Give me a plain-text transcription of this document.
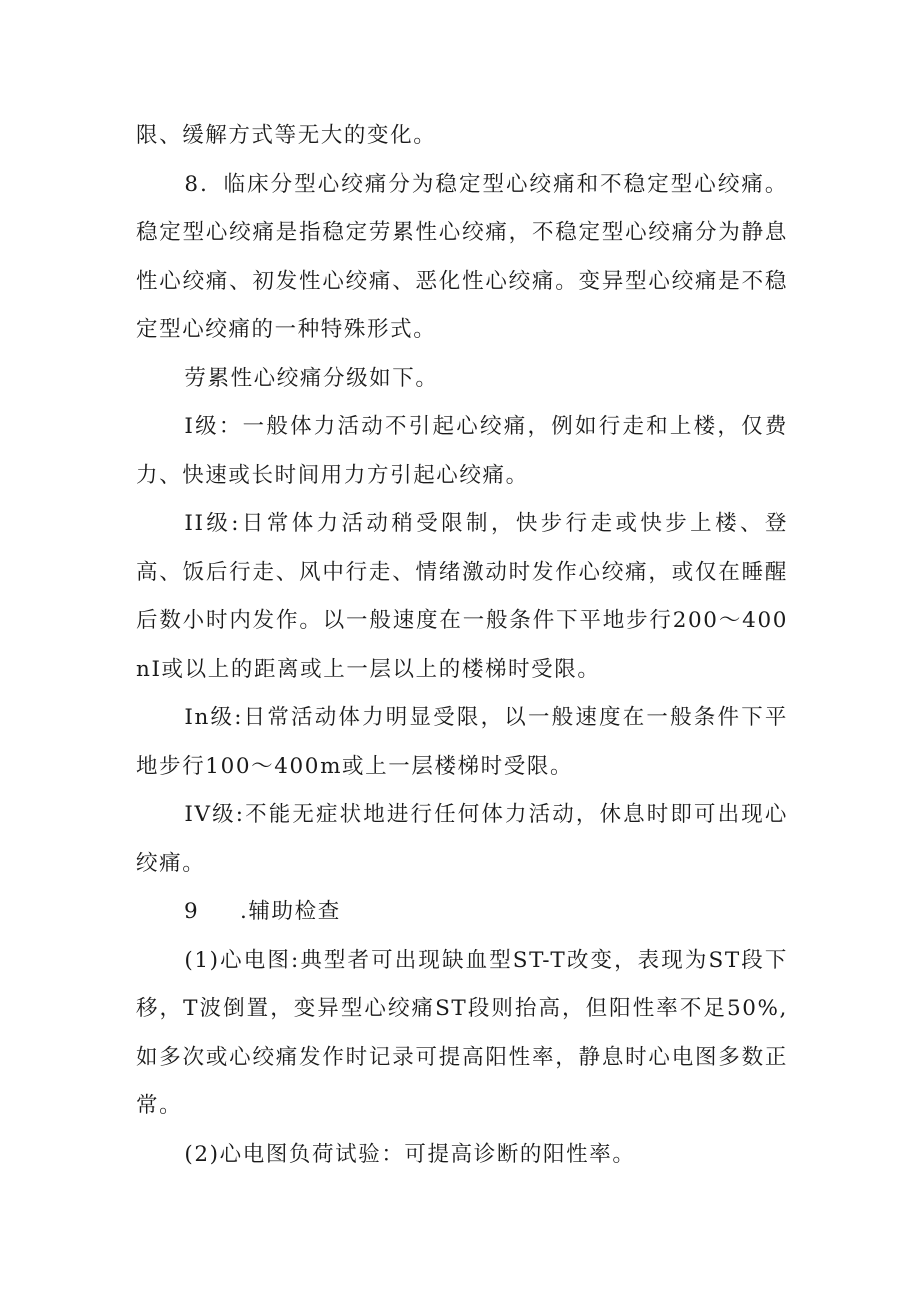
限、缓解方式等无大的变化。

8．临床分型心绞痛分为稳定型心绞痛和不稳定型心绞痛。稳定型心绞痛是指稳定劳累性心绞痛，不稳定型心绞痛分为静息性心绞痛、初发性心绞痛、恶化性心绞痛。变异型心绞痛是不稳定型心绞痛的一种特殊形式。

劳累性心绞痛分级如下。

I级：一般体力活动不引起心绞痛，例如行走和上楼，仅费力、快速或长时间用力方引起心绞痛。

II级:日常体力活动稍受限制，快步行走或快步上楼、登高、饭后行走、风中行走、情绪激动时发作心绞痛，或仅在睡醒后数小时内发作。以一般速度在一般条件下平地步行200～400nI或以上的距离或上一层以上的楼梯时受限。

In级:日常活动体力明显受限，以一般速度在一般条件下平地步行100～400m或上一层楼梯时受限。

IV级:不能无症状地进行任何体力活动，休息时即可出现心绞痛。

9 .辅助检查

(1)心电图:典型者可出现缺血型ST-T改变，表现为ST段下移，T波倒置，变异型心绞痛ST段则抬高，但阳性率不足50%,如多次或心绞痛发作时记录可提高阳性率，静息时心电图多数正常。

(2)心电图负荷试验：可提高诊断的阳性率。
